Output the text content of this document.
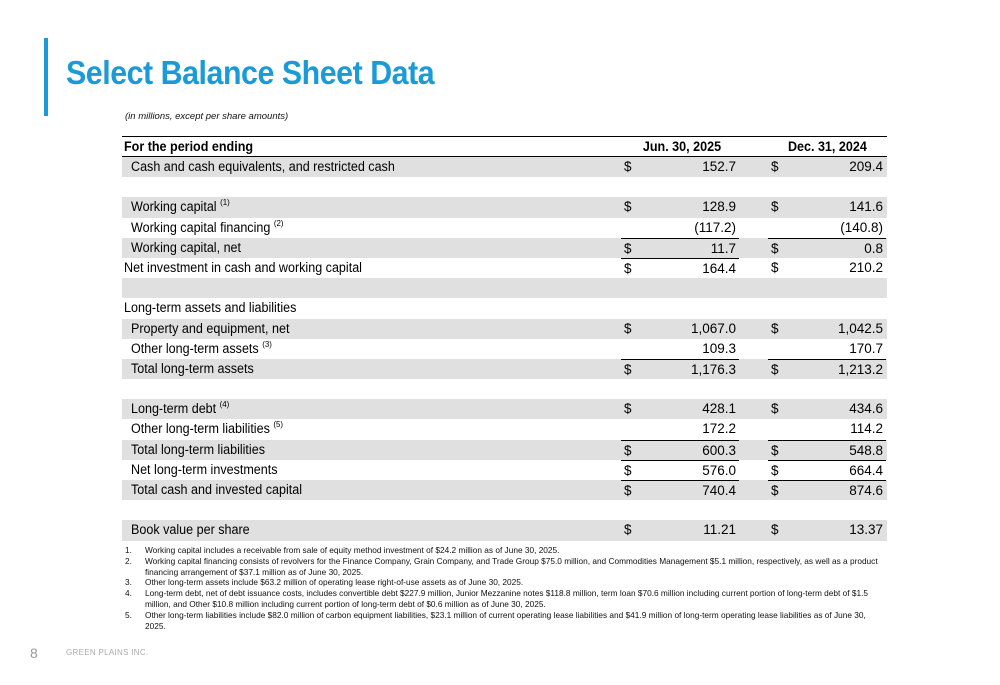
Select Balance Sheet Data
(in millions, except per share amounts)
For the period ending	Jun. 30, 2025	Dec. 31, 2024
Cash and cash equivalents, and restricted cash	$	152.7	$	209.4
Working capital $^{(1)}$	$	128.9	$	141.6
Working capital financing $^{(2)}$	(117.2)	(140.8)
Working capital, net	$	11.7	$	0.8
Net investment in cash and working capital	$	164.4	$	210.2
Long-term assets and liabilities
Property and equipment, net	$	1,067.0	$	1,042.5
Other long-term assets $^{(3)}$	109.3	170.7
Total long-term assets	$	1,176.3	$	1,213.2
Long-term debt $^{(4)}$	$	428.1	$	434.6
Other long-term liabilities $^{(5)}$	172.2	114.2
Total long-term liabilities	$	600.3	$	548.8
Net long-term investments	$	576.0	$	664.4
Total cash and invested capital	$	740.4	$	874.6
Book value per share	$	11.21	$	13.37
1. Working capital includes a receivable from sale of equity method investment of $24.2 million as of June 30, 2025.
2. Working capital financing consists of revolvers for the Finance Company, Grain Company, and Trade Group $75.0 million, and Commodities Management $5.1 million, respectively, as well as a product financing arrangement of $37.1 million as of June 30, 2025.
3. Other long-term assets include $63.2 million of operating lease right-of-use assets as of June 30, 2025.
4. Long-term debt, net of debt issuance costs, includes convertible debt $227.9 million, Junior Mezzanine notes $118.8 million, term loan $70.6 million including current portion of long-term debt of $1.5 million, and Other $10.8 million including current portion of long-term debt of $0.6 million as of June 30, 2025.
5. Other long-term liabilities include $82.0 million of carbon equipment liabilities, $23.1 million of current operating lease liabilities and $41.9 million of long-term operating lease liabilities as of June 30, 2025.
8	GREEN PLAINS INC.
